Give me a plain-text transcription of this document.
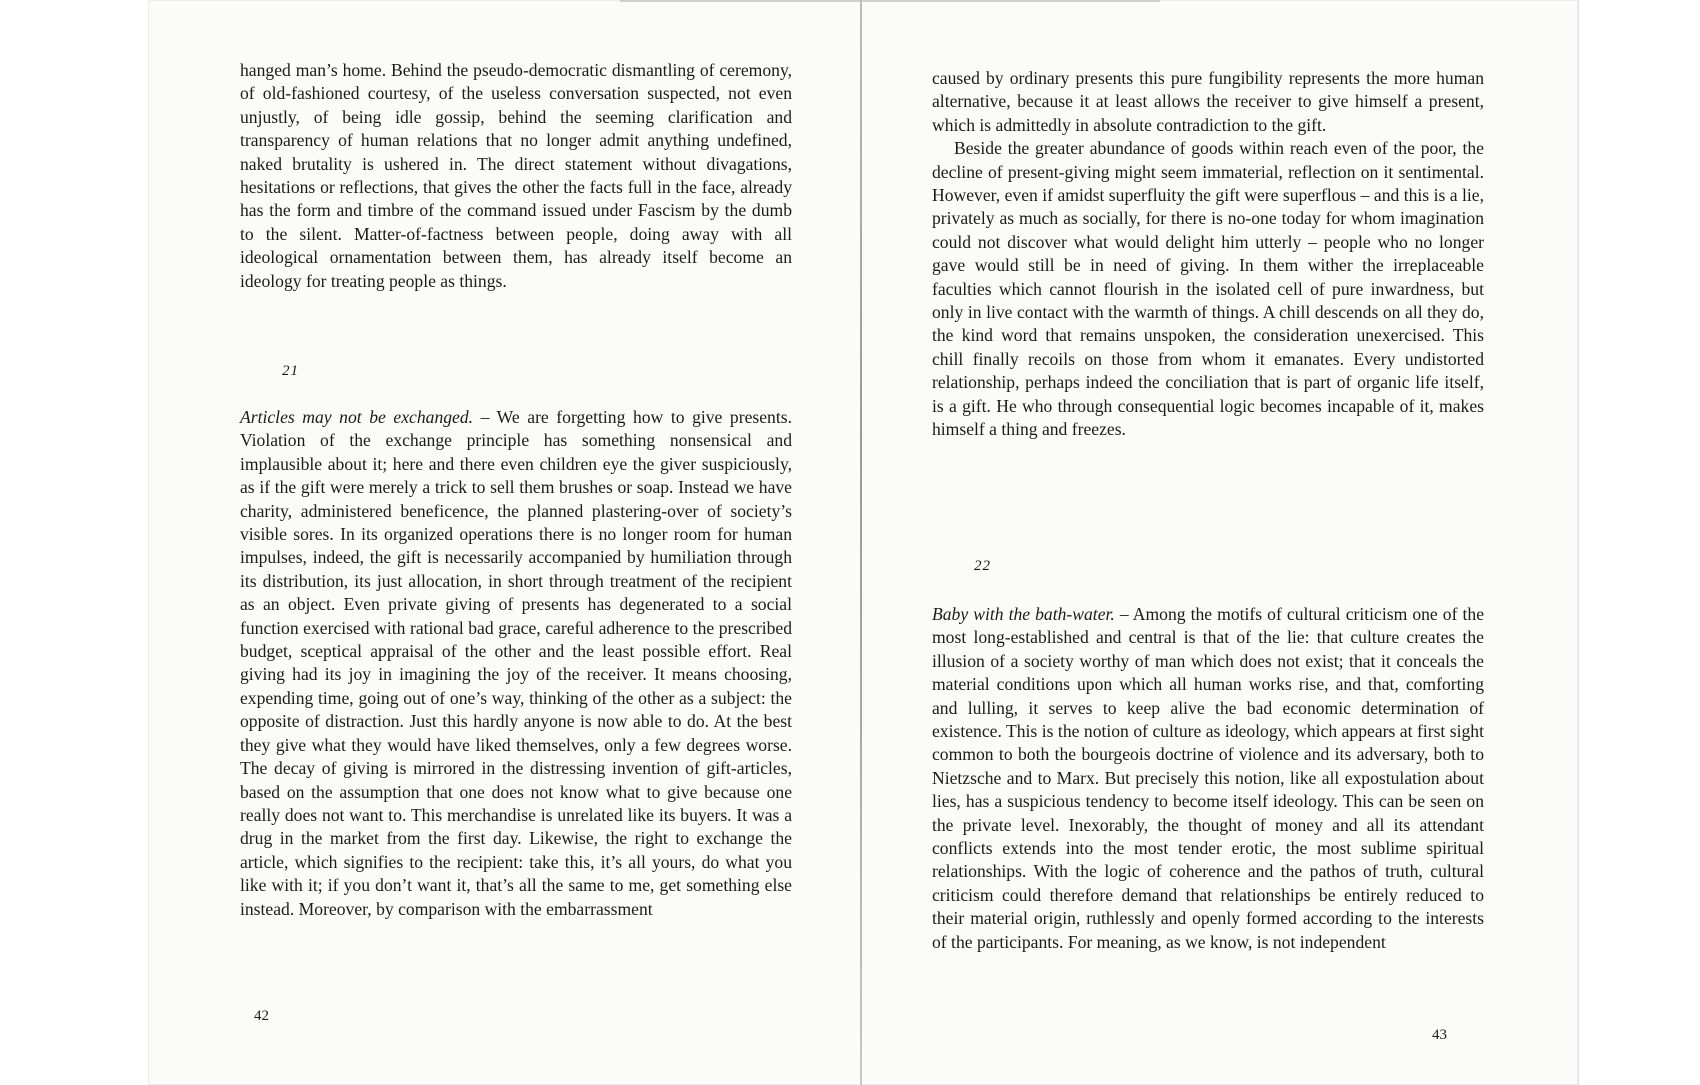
hanged man’s home. Behind the pseudo-democratic dismantling of ceremony, of old-fashioned courtesy, of the useless conversation suspected, not even unjustly, of being idle gossip, behind the seeming clarification and transparency of human relations that no longer admit anything undefined, naked brutality is ushered in. The direct statement without divagations, hesitations or reflections, that gives the other the facts full in the face, already has the form and timbre of the command issued under Fascism by the dumb to the silent. Matter-of-factness between people, doing away with all ideological ornamentation between them, has already itself become an ideology for treating people as things.

21

Articles may not be exchanged. – We are forgetting how to give presents. Violation of the exchange principle has something nonsensical and implausible about it; here and there even children eye the giver suspiciously, as if the gift were merely a trick to sell them brushes or soap. Instead we have charity, administered beneficence, the planned plastering-over of society’s visible sores. In its organized operations there is no longer room for human impulses, indeed, the gift is necessarily accompanied by humiliation through its distribution, its just allocation, in short through treatment of the recipient as an object. Even private giving of presents has degenerated to a social function exercised with rational bad grace, careful adherence to the prescribed budget, sceptical appraisal of the other and the least possible effort. Real giving had its joy in imagining the joy of the receiver. It means choosing, expending time, going out of one’s way, thinking of the other as a subject: the opposite of distraction. Just this hardly anyone is now able to do. At the best they give what they would have liked themselves, only a few degrees worse. The decay of giving is mirrored in the distressing invention of gift-articles, based on the assumption that one does not know what to give because one really does not want to. This merchandise is unrelated like its buyers. It was a drug in the market from the first day. Likewise, the right to exchange the article, which signifies to the recipient: take this, it’s all yours, do what you like with it; if you don’t want it, that’s all the same to me, get something else instead. Moreover, by comparison with the embarrassment

42

caused by ordinary presents this pure fungibility represents the more human alternative, because it at least allows the receiver to give himself a present, which is admittedly in absolute contradiction to the gift.

Beside the greater abundance of goods within reach even of the poor, the decline of present-giving might seem immaterial, reflection on it sentimental. However, even if amidst superfluity the gift were superflous – and this is a lie, privately as much as socially, for there is no-one today for whom imagination could not discover what would delight him utterly – people who no longer gave would still be in need of giving. In them wither the irreplaceable faculties which cannot flourish in the isolated cell of pure inwardness, but only in live contact with the warmth of things. A chill descends on all they do, the kind word that remains unspoken, the consideration unexercised. This chill finally recoils on those from whom it emanates. Every undistorted relationship, perhaps indeed the conciliation that is part of organic life itself, is a gift. He who through consequential logic becomes incapable of it, makes himself a thing and freezes.

22

Baby with the bath-water. – Among the motifs of cultural criticism one of the most long-established and central is that of the lie: that culture creates the illusion of a society worthy of man which does not exist; that it conceals the material conditions upon which all human works rise, and that, comforting and lulling, it serves to keep alive the bad economic determination of existence. This is the notion of culture as ideology, which appears at first sight common to both the bourgeois doctrine of violence and its adversary, both to Nietzsche and to Marx. But precisely this notion, like all expostulation about lies, has a suspicious tendency to become itself ideology. This can be seen on the private level. Inexorably, the thought of money and all its attendant conflicts extends into the most tender erotic, the most sublime spiritual relationships. With the logic of coherence and the pathos of truth, cultural criticism could therefore demand that relationships be entirely reduced to their material origin, ruthlessly and openly formed according to the interests of the participants. For meaning, as we know, is not independent

43
